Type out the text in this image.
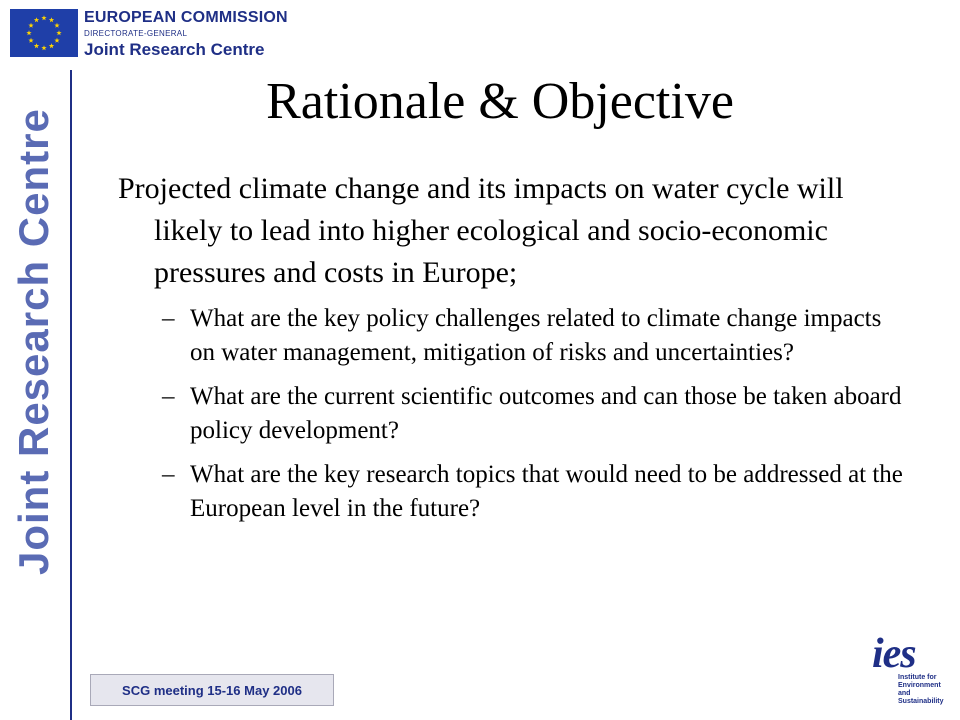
EUROPEAN COMMISSION
DIRECTORATE-GENERAL
Joint Research Centre
Joint Research Centre
Rationale & Objective

Projected climate change and its impacts on water cycle will likely to lead into higher ecological and socio-economic pressures and costs in Europe;

– What are the key policy challenges related to climate change impacts on water management, mitigation of risks and uncertainties?
– What are the current scientific outcomes and can those be taken aboard policy development?
– What are the key research topics that would need to be addressed at the European level in the future?
SCG meeting 15-16 May 2006
ies
Institute for Environment and Sustainability
